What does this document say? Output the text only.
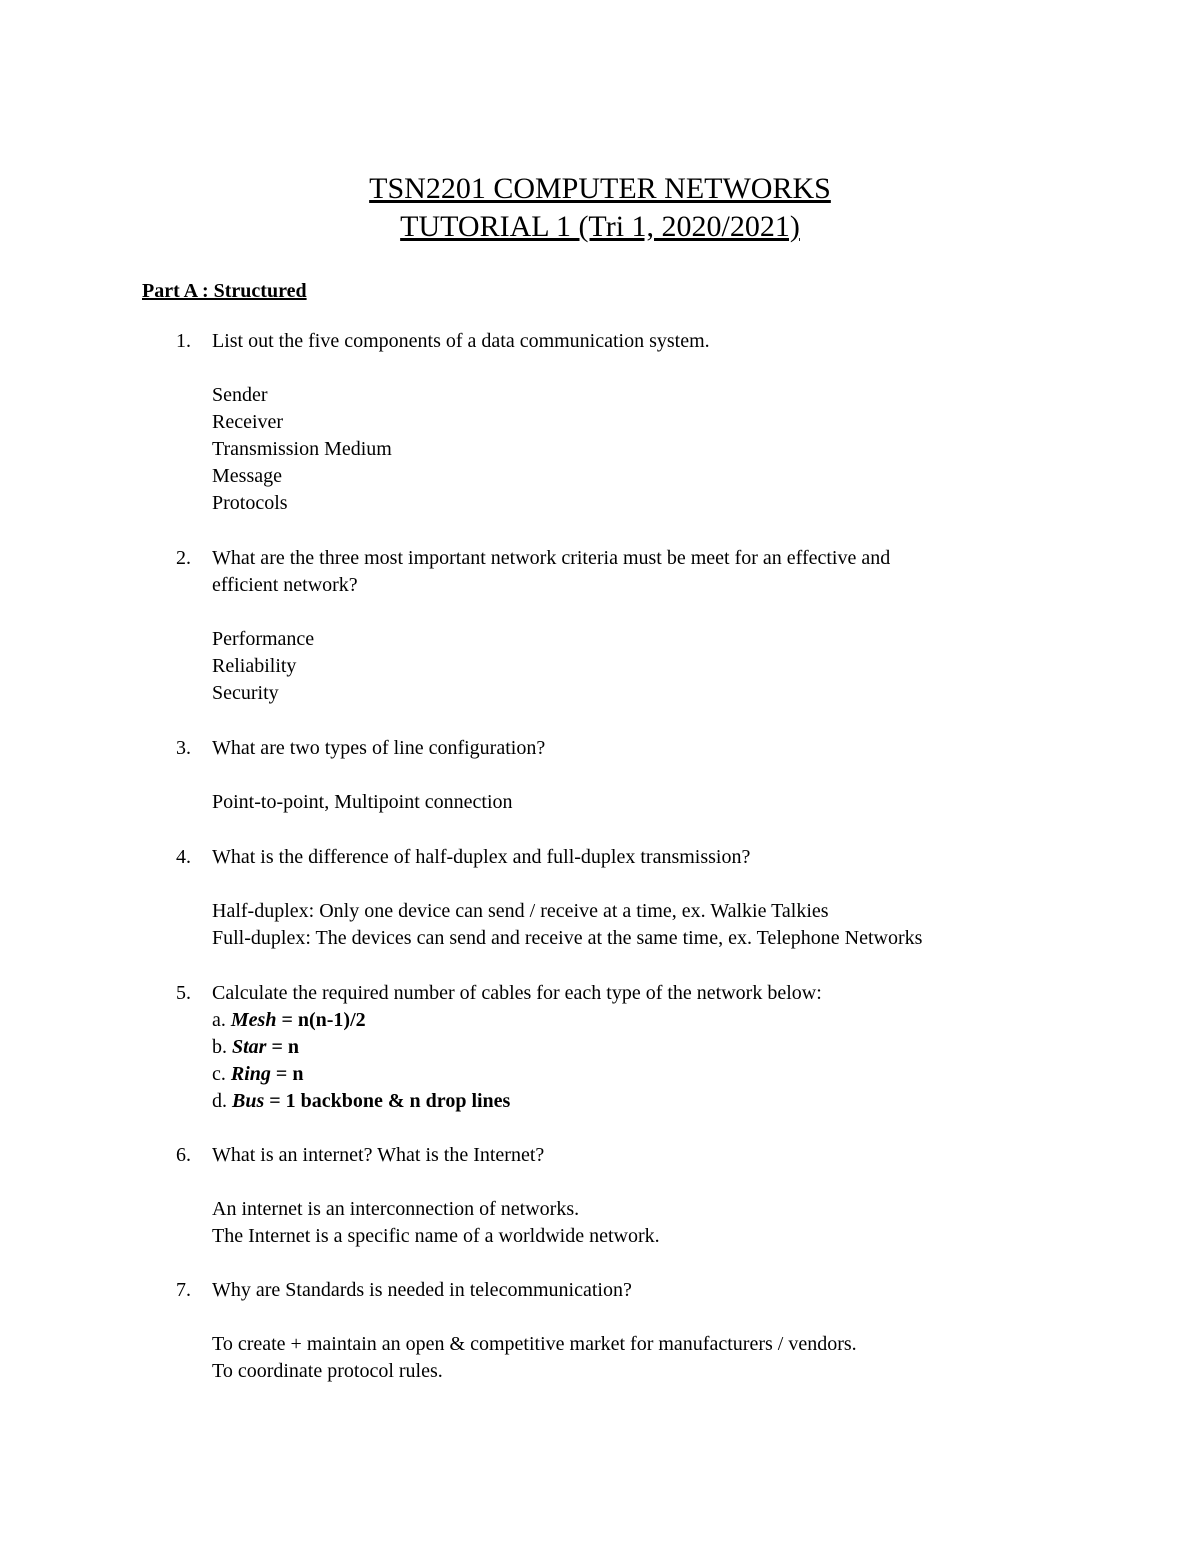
TSN2201 COMPUTER NETWORKS
TUTORIAL 1 (Tri 1, 2020/2021)
Part A : Structured
1. List out the five components of a data communication system.
Sender
Receiver
Transmission Medium
Message
Protocols
2. What are the three most important network criteria must be meet for an effective and
efficient network?
Performance
Reliability
Security
3. What are two types of line configuration?
Point-to-point, Multipoint connection
4. What is the difference of half-duplex and full-duplex transmission?
Half-duplex: Only one device can send / receive at a time, ex. Walkie Talkies
Full-duplex: The devices can send and receive at the same time, ex. Telephone Networks
5. Calculate the required number of cables for each type of the network below:
a. Mesh = n(n-1)/2
b. Star = n
c. Ring = n
d. Bus = 1 backbone & n drop lines
6. What is an internet? What is the Internet?
An internet is an interconnection of networks.
The Internet is a specific name of a worldwide network.
7. Why are Standards is needed in telecommunication?
To create + maintain an open & competitive market for manufacturers / vendors.
To coordinate protocol rules.
